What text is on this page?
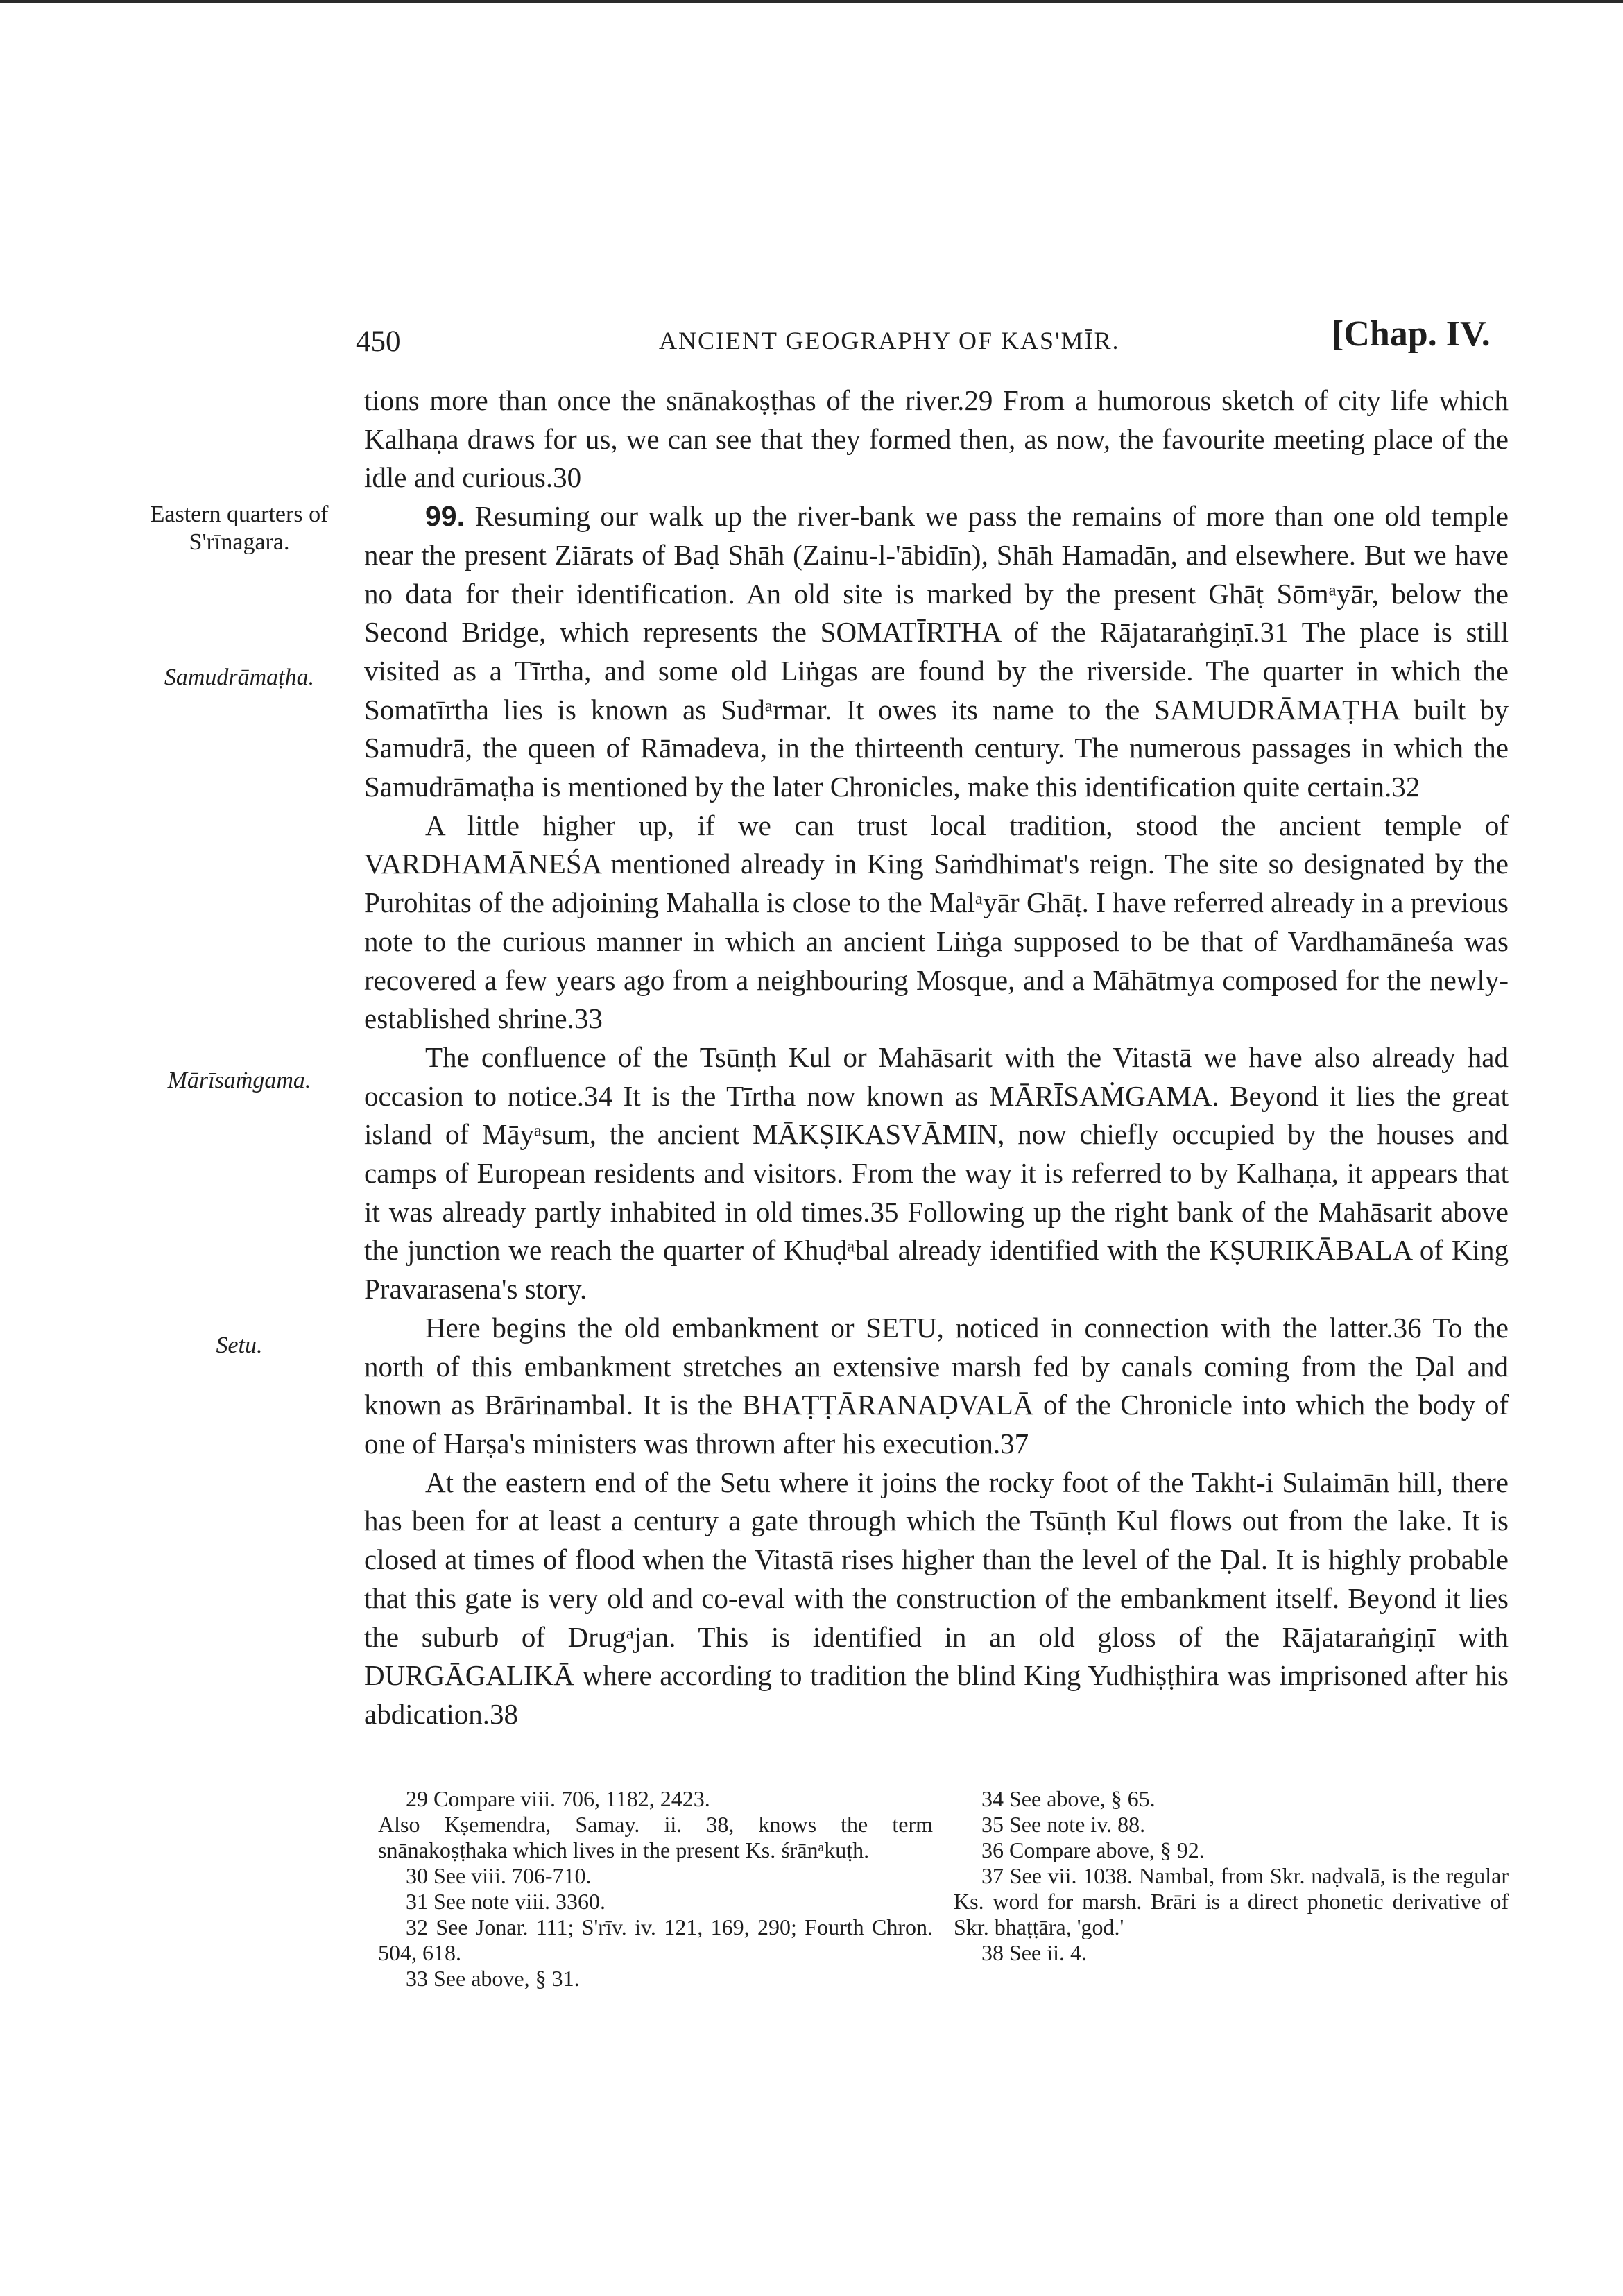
450	ANCIENT GEOGRAPHY OF KAS'MĪR.	[Chap. IV.
Eastern quarters of S'rīnagara.
Samudrāmaṭha.
Mārīsaṁgama.
Setu.

tions more than once the snānakoṣṭhas of the river.29 From a humorous sketch of city life which Kalhaṇa draws for us, we can see that they formed then, as now, the favourite meeting place of the idle and curious.30

99. Resuming our walk up the river-bank we pass the remains of more than one old temple near the present Ziārats of Baḍ Shāh (Zainu-l-'ābidīn), Shāh Hamadān, and elsewhere. But we have no data for their identification. An old site is marked by the present Ghāṭ Sōmᵃyār, below the Second Bridge, which represents the SOMATĪRTHA of the Rājataraṅgiṇī.31 The place is still visited as a Tīrtha, and some old Liṅgas are found by the riverside. The quarter in which the Somatīrtha lies is known as Sudᵃrmar. It owes its name to the SAMUDRĀMAṬHA built by Samudrā, the queen of Rāmadeva, in the thirteenth century. The numerous passages in which the Samudrāmaṭha is mentioned by the later Chronicles, make this identification quite certain.32

A little higher up, if we can trust local tradition, stood the ancient temple of VARDHAMĀNEŚA mentioned already in King Saṁdhimat's reign. The site so designated by the Purohitas of the adjoining Mahalla is close to the Malᵃyār Ghāṭ. I have referred already in a previous note to the curious manner in which an ancient Liṅga supposed to be that of Vardhamāneśa was recovered a few years ago from a neighbouring Mosque, and a Māhātmya composed for the newly-established shrine.33

The confluence of the Tsūnṭh Kul or Mahāsarit with the Vitastā we have also already had occasion to notice.34 It is the Tīrtha now known as MĀRĪSAṀGAMA. Beyond it lies the great island of Māyᵃsum, the ancient MĀKṢIKASVĀMIN, now chiefly occupied by the houses and camps of European residents and visitors. From the way it is referred to by Kalhaṇa, it appears that it was already partly inhabited in old times.35 Following up the right bank of the Mahāsarit above the junction we reach the quarter of Khuḍᵃbal already identified with the KṢURIKĀBALA of King Pravarasena's story.

Here begins the old embankment or SETU, noticed in connection with the latter.36 To the north of this embankment stretches an extensive marsh fed by canals coming from the Ḍal and known as Brārinambal. It is the BHAṬṬĀRANAḌVALĀ of the Chronicle into which the body of one of Harṣa's ministers was thrown after his execution.37

At the eastern end of the Setu where it joins the rocky foot of the Takht-i Sulaimān hill, there has been for at least a century a gate through which the Tsūnṭh Kul flows out from the lake. It is closed at times of flood when the Vitastā rises higher than the level of the Ḍal. It is highly probable that this gate is very old and co-eval with the construction of the embankment itself. Beyond it lies the suburb of Drugᵃjan. This is identified in an old gloss of the Rājataraṅgiṇī with DURGĀGALIKĀ where according to tradition the blind King Yudhiṣṭhira was imprisoned after his abdication.38

29 Compare viii. 706, 1182, 2423.

Also Kṣemendra, Samay. ii. 38, knows the term snānakoṣṭhaka which lives in the present Ks. śrānᵃkuṭh.

30 See viii. 706-710.

31 See note viii. 3360.

32 See Jonar. 111; S'rīv. iv. 121, 169, 290; Fourth Chron. 504, 618.

33 See above, § 31.

34 See above, § 65.

35 See note iv. 88.

36 Compare above, § 92.

37 See vii. 1038. Nambal, from Skr. naḍvalā, is the regular Ks. word for marsh. Brāri is a direct phonetic derivative of Skr. bhaṭṭāra, 'god.'

38 See ii. 4.
